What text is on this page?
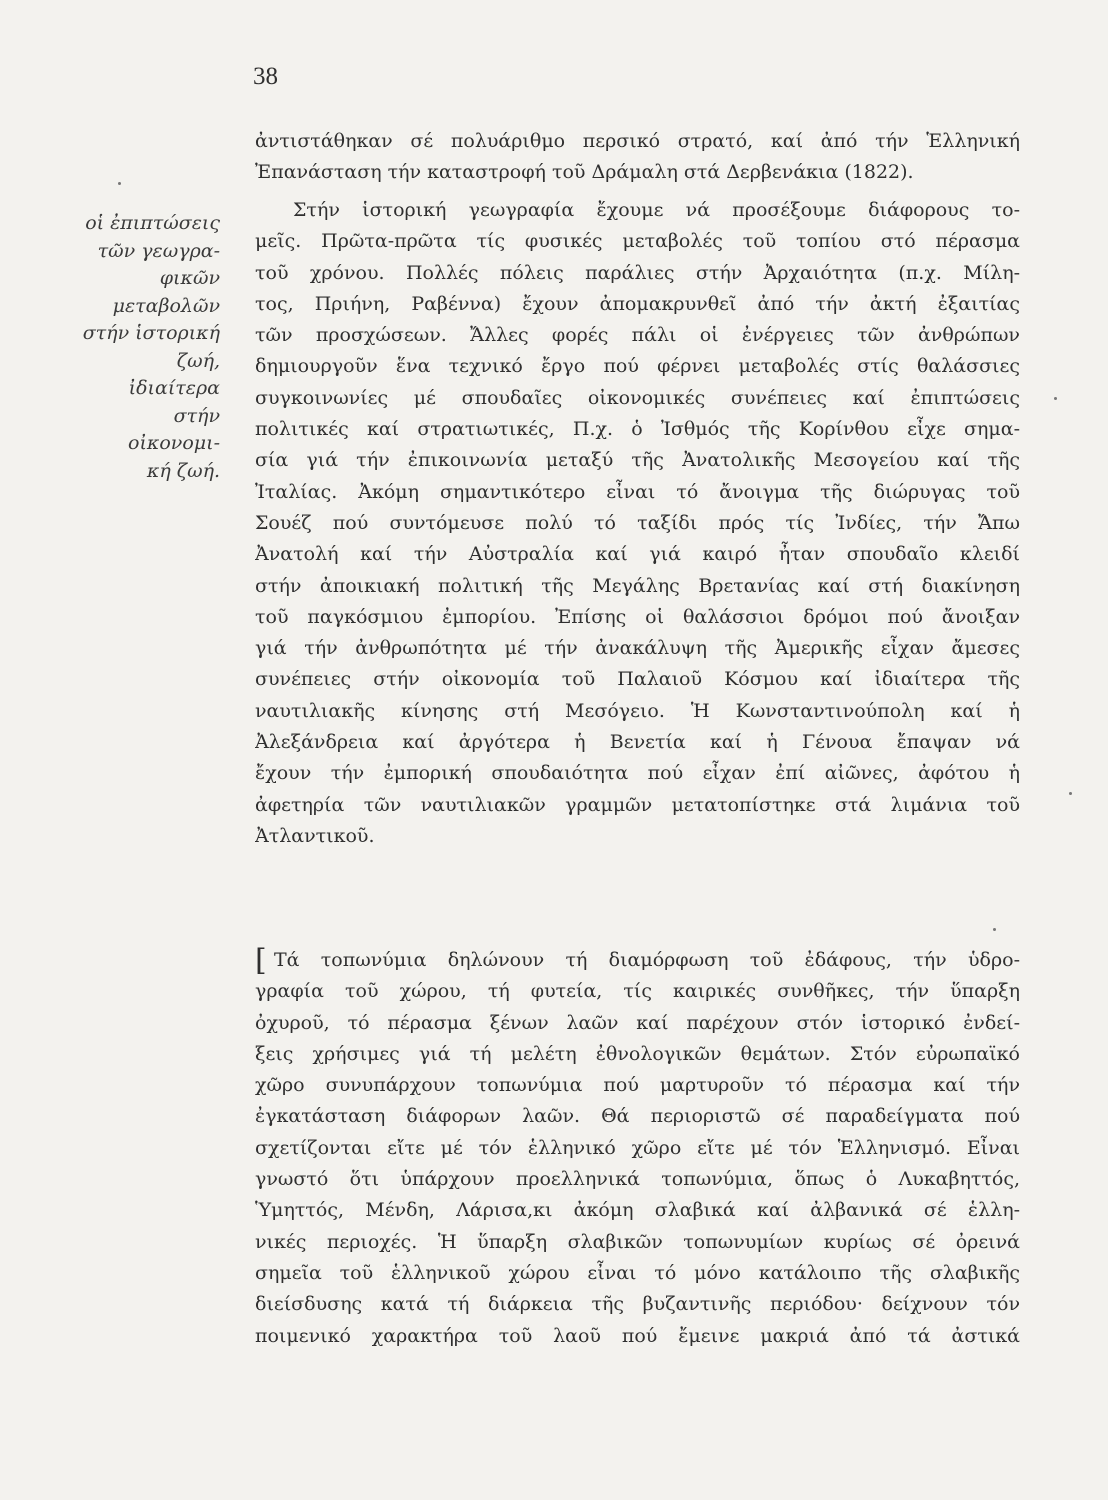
38
οἱ ἐπιπτώσεις
τῶν γεωγρα-
φικῶν
μεταβολῶν
στήν ἱστορική
ζωή,
ἰδιαίτερα
στήν
οἰκονομι-
κή ζωή.
ἀντιστάθηκαν σέ πολυάριθμο περσικό στρατό, καί ἀπό τήν Ἑλληνική
Ἐπανάσταση τήν καταστροφή τοῦ Δράμαλη στά Δερβενάκια (1822).
Στήν ἱστορική γεωγραφία ἔχουμε νά προσέξουμε διάφορους το-
μεῖς. Πρῶτα-πρῶτα τίς φυσικές μεταβολές τοῦ τοπίου στό πέρασμα
τοῦ χρόνου. Πολλές πόλεις παράλιες στήν Ἀρχαιότητα (π.χ. Μίλη-
τος, Πριήνη, Ραβέννα) ἔχουν ἀπομακρυνθεῖ ἀπό τήν ἀκτή ἐξαιτίας
τῶν προσχώσεων. Ἄλλες φορές πάλι οἱ ἐνέργειες τῶν ἀνθρώπων
δημιουργοῦν ἕνα τεχνικό ἔργο πού φέρνει μεταβολές στίς θαλάσσιες
συγκοινωνίες μέ σπουδαῖες οἰκονομικές συνέπειες καί ἐπιπτώσεις
πολιτικές καί στρατιωτικές, Π.χ. ὁ Ἰσθμός τῆς Κορίνθου εἶχε σημα-
σία γιά τήν ἐπικοινωνία μεταξύ τῆς Ἀνατολικῆς Μεσογείου καί τῆς
Ἰταλίας. Ἀκόμη σημαντικότερο εἶναι τό ἄνοιγμα τῆς διώρυγας τοῦ
Σουέζ πού συντόμευσε πολύ τό ταξίδι πρός τίς Ἰνδίες, τήν Ἄπω
Ἀνατολή καί τήν Αὐστραλία καί γιά καιρό ἦταν σπουδαῖο κλειδί
στήν ἀποικιακή πολιτική τῆς Μεγάλης Βρετανίας καί στή διακίνηση
τοῦ παγκόσμιου ἐμπορίου. Ἐπίσης οἱ θαλάσσιοι δρόμοι πού ἄνοιξαν
γιά τήν ἀνθρωπότητα μέ τήν ἀνακάλυψη τῆς Ἀμερικῆς εἶχαν ἄμεσες
συνέπειες στήν οἰκονομία τοῦ Παλαιοῦ Κόσμου καί ἰδιαίτερα τῆς
ναυτιλιακῆς κίνησης στή Μεσόγειο. Ἡ Κωνσταντινούπολη καί ἡ
Ἀλεξάνδρεια καί ἀργότερα ἡ Βενετία καί ἡ Γένουα ἔπαψαν νά
ἔχουν τήν ἐμπορική σπουδαιότητα πού εἶχαν ἐπί αἰῶνες, ἀφότου ἡ
ἀφετηρία τῶν ναυτιλιακῶν γραμμῶν μετατοπίστηκε στά λιμάνια τοῦ
Ἀτλαντικοῦ.
[ Τά τοπωνύμια δηλώνουν τή διαμόρφωση τοῦ ἐδάφους, τήν ὑδρο-
γραφία τοῦ χώρου, τή φυτεία, τίς καιρικές συνθῆκες, τήν ὕπαρξη
ὀχυροῦ, τό πέρασμα ξένων λαῶν καί παρέχουν στόν ἱστορικό ἐνδεί-
ξεις χρήσιμες γιά τή μελέτη ἐθνολογικῶν θεμάτων. Στόν εὐρωπαϊκό
χῶρο συνυπάρχουν τοπωνύμια πού μαρτυροῦν τό πέρασμα καί τήν
ἐγκατάσταση διάφορων λαῶν. Θά περιοριστῶ σέ παραδείγματα πού
σχετίζονται εἴτε μέ τόν ἑλληνικό χῶρο εἴτε μέ τόν Ἑλληνισμό. Εἶναι
γνωστό ὅτι ὑπάρχουν προελληνικά τοπωνύμια, ὅπως ὁ Λυκαβηττός,
Ὑμηττός, Μένδη, Λάρισα,κι ἀκόμη σλαβικά καί ἀλβανικά σέ ἑλλη-
νικές περιοχές. Ἡ ὕπαρξη σλαβικῶν τοπωνυμίων κυρίως σέ ὀρεινά
σημεῖα τοῦ ἑλληνικοῦ χώρου εἶναι τό μόνο κατάλοιπο τῆς σλαβικῆς
διείσδυσης κατά τή διάρκεια τῆς βυζαντινῆς περιόδου· δείχνουν τόν
ποιμενικό χαρακτήρα τοῦ λαοῦ πού ἔμεινε μακριά ἀπό τά ἀστικά
